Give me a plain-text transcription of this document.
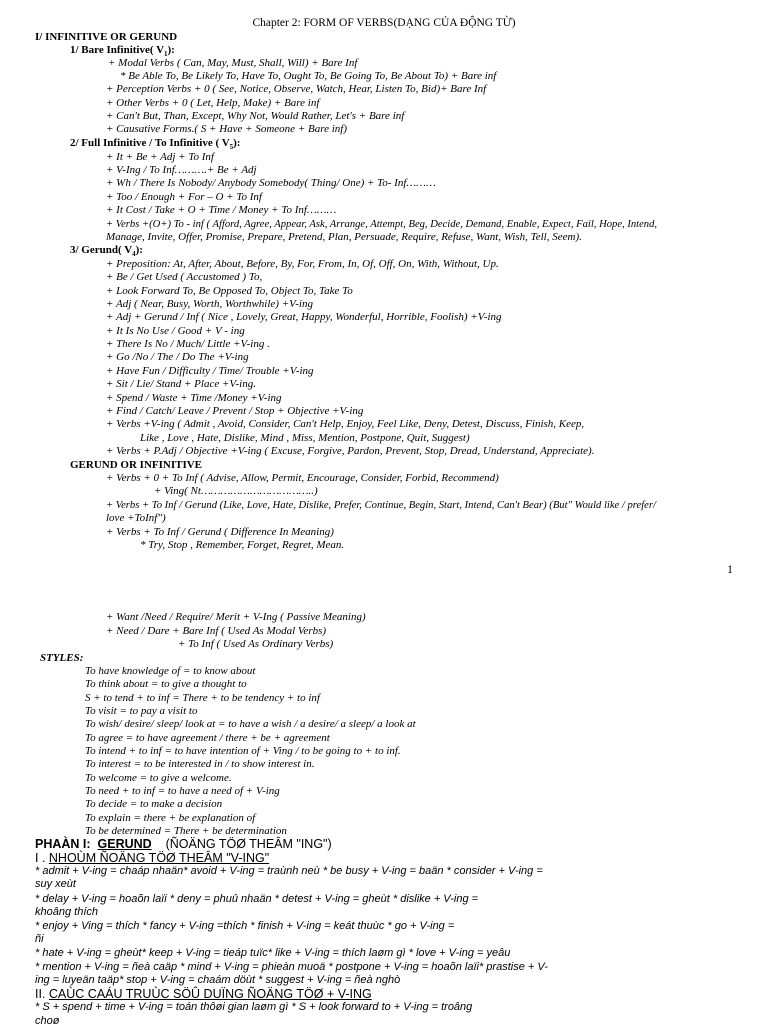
Chapter 2: FORM OF VERBS(DẠNG CỦA ĐỘNG TỪ)
I/ INFINITIVE OR GERUND
1/ Bare Infinitive( $V_1$):
+ Modal Verbs ( Can, May, Must, Shall, Will) + Bare Inf
* Be Able To, Be Likely To, Have To, Ought To, Be Going To, Be About To) + Bare inf
+ Perception Verbs + 0 ( See, Notice, Observe, Watch, Hear, Listen To, Bid)+ Bare Inf
+ Other Verbs + 0 ( Let, Help, Make) + Bare inf
+ Can't But, Than, Except, Why Not, Would Rather, Let's + Bare inf
+ Causative Forms.( S + Have + Someone + Bare inf)
2/ Full Infinitive / To Infinitive ( $V_5$):
+ It + Be + Adj + To Inf
+ V-Ing / To Inf……….+ Be + Adj
+ Wh / There Is Nobody/ Anybody Somebody( Thing/ One) + To- Inf………
+ Too / Enough + For – O + To Inf
+ It Cost / Take + O + Time / Money + To Inf………
+ Verbs +(O+) To - inf ( Afford, Agree, Appear, Ask, Arrange, Attempt, Beg, Decide, Demand, Enable, Expect, Fail, Hope, Intend,
Manage, Invite, Offer, Promise, Prepare, Pretend, Plan, Persuade, Require, Refuse, Want, Wish, Tell, Seem).
3/ Gerund( $V_4$):
+ Preposition: At, After, About, Before, By, For, From, In, Of, Off, On, With, Without, Up.
+ Be / Get Used ( Accustomed ) To,
+ Look Forward To, Be Opposed To, Object To, Take To
+ Adj ( Near, Busy, Worth, Worthwhile) +V-ing
+ Adj + Gerund / Inf ( Nice , Lovely, Great, Happy, Wonderful, Horrible, Foolish) +V-ing
+ It Is No Use / Good + V - ing
+ There Is No / Much/ Little +V-ing .
+ Go /No / The / Do The +V-ing
+ Have Fun / Difficulty / Time/ Trouble +V-ing
+ Sit / Lie/ Stand + Place +V-ing.
+ Spend / Waste + Time /Money +V-ing
+ Find / Catch/ Leave / Prevent / Stop + Objective +V-ing
+ Verbs +V-ing ( Admit , Avoid, Consider, Can't Help, Enjoy, Feel Like, Deny, Detest, Discuss, Finish, Keep,
Like , Love , Hate, Dislike, Mind , Miss, Mention, Postpone, Quit, Suggest)
+ Verbs + P.Adj / Objective +V-ing ( Excuse, Forgive, Pardon, Prevent, Stop, Dread, Understand, Appreciate).
GERUND OR INFINITIVE
+ Verbs + 0 + To Inf ( Advise, Allow, Permit, Encourage, Consider, Forbid, Recommend)
+ Ving( Nt……………………………..)
+ Verbs + To Inf / Gerund (Like, Love, Hate, Dislike, Prefer, Continue, Begin, Start, Intend, Can't Bear) (But" Would like / prefer/
love +ToInf")
+ Verbs + To Inf / Gerund ( Difference In Meaning)
* Try, Stop , Remember, Forget, Regret, Mean.
1
+ Want /Need / Require/ Merit + V-Ing ( Passive Meaning)
+ Need / Dare + Bare Inf ( Used As Modal Verbs)
+ To Inf ( Used As Ordinary Verbs)
STYLES:
To have knowledge of = to know about
To think about = to give a thought to
S + to tend + to inf = There + to be tendency + to inf
To visit = to pay a visit to
To wish/ desire/ sleep/ look at = to have a wish / a desire/ a sleep/ a look at
To agree = to have agreement / there + be + agreement
To intend + to inf = to have intention of + Ving / to be going to + to inf.
To interest = to be interested in / to show interest in.
To welcome = to give a welcome.
To need + to inf = to have a need of + V-ing
To decide = to make a decision
To explain = there + be explanation of
To be determined = There + be determination
PHAÀN I: GERUND (ÑOÄNG TÖØ THEÂM "ING")
I . NHOÙM ÑOÄNG TÖØ THEÂM "V-ING"
* admit + V-ing = chaáp nhaän* avoid + V-ing = traùnh neù * be busy + V-ing = baän * consider + V-ing =
suy xeùt
* delay + V-ing = hoaõn laïi * deny = phuû nhaän * detest + V-ing = gheùt * dislike + V-ing =
khoâng thích
* enjoy + Ving = thích * fancy + V-ing =thích * finish + V-ing = keát thuùc * go + V-ing =
ñi
* hate + V-ing = gheùt* keep + V-ing = tieáp tuïc* like + V-ing = thích laøm gì * love + V-ing = yeâu
* mention + V-ing = ñeà caäp * mind + V-ing = phieàn muoä * postpone + V-ing = hoaõn laïi* prastise + V-
ing = luyeän taäp* stop + V-ing = chaám döùt * suggest + V-ing = ñeà nghò
II. CAÙC CAÁU TRUÙC SÖÛ DUÏNG ÑOÄNG TÖØ + V-ING
* S + spend + time + V-ing = toán thôøi gian laøm gì * S + look forward to + V-ing = troâng
choø
